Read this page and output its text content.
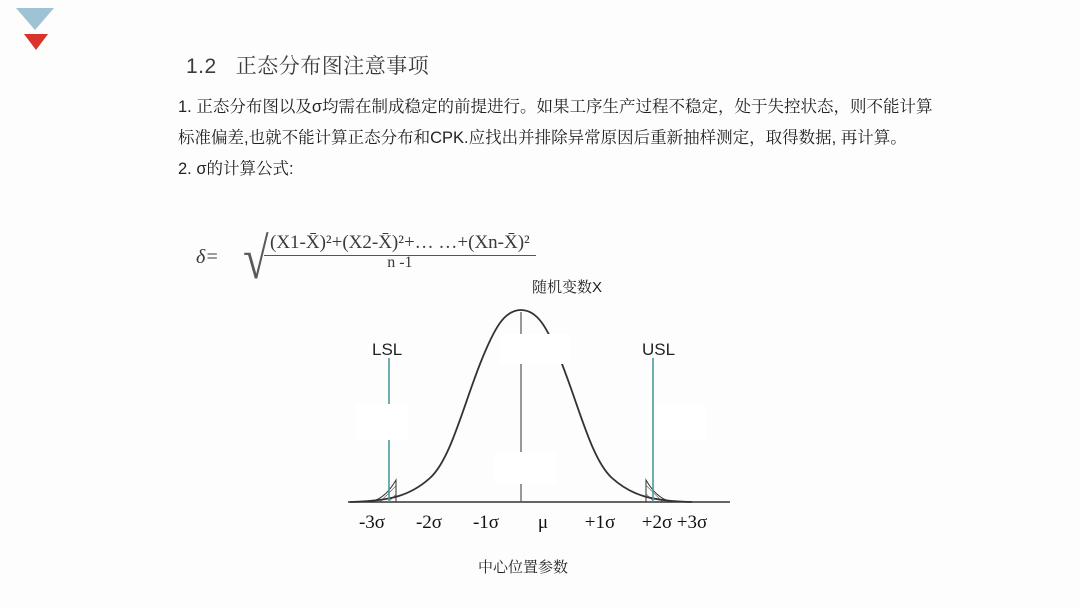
1.2   正态分布图注意事项

1. 正态分布图以及σ均需在制成稳定的前提进行。如果工序生产过程不稳定，处于失控状态，则不能计算标准偏差,也就不能计算正态分布和CPK.应找出并排除异常原因后重新抽样测定，取得数据, 再计算。

2. σ的计算公式:

δ= √ (X1-X̄)²+(X2-X̄)²+… …+(Xn-X̄)² n -1
LSL	USL
随机变数X
中心位置参数
-3σ	-2σ	-1σ	μ	+1σ +2σ +3σ
